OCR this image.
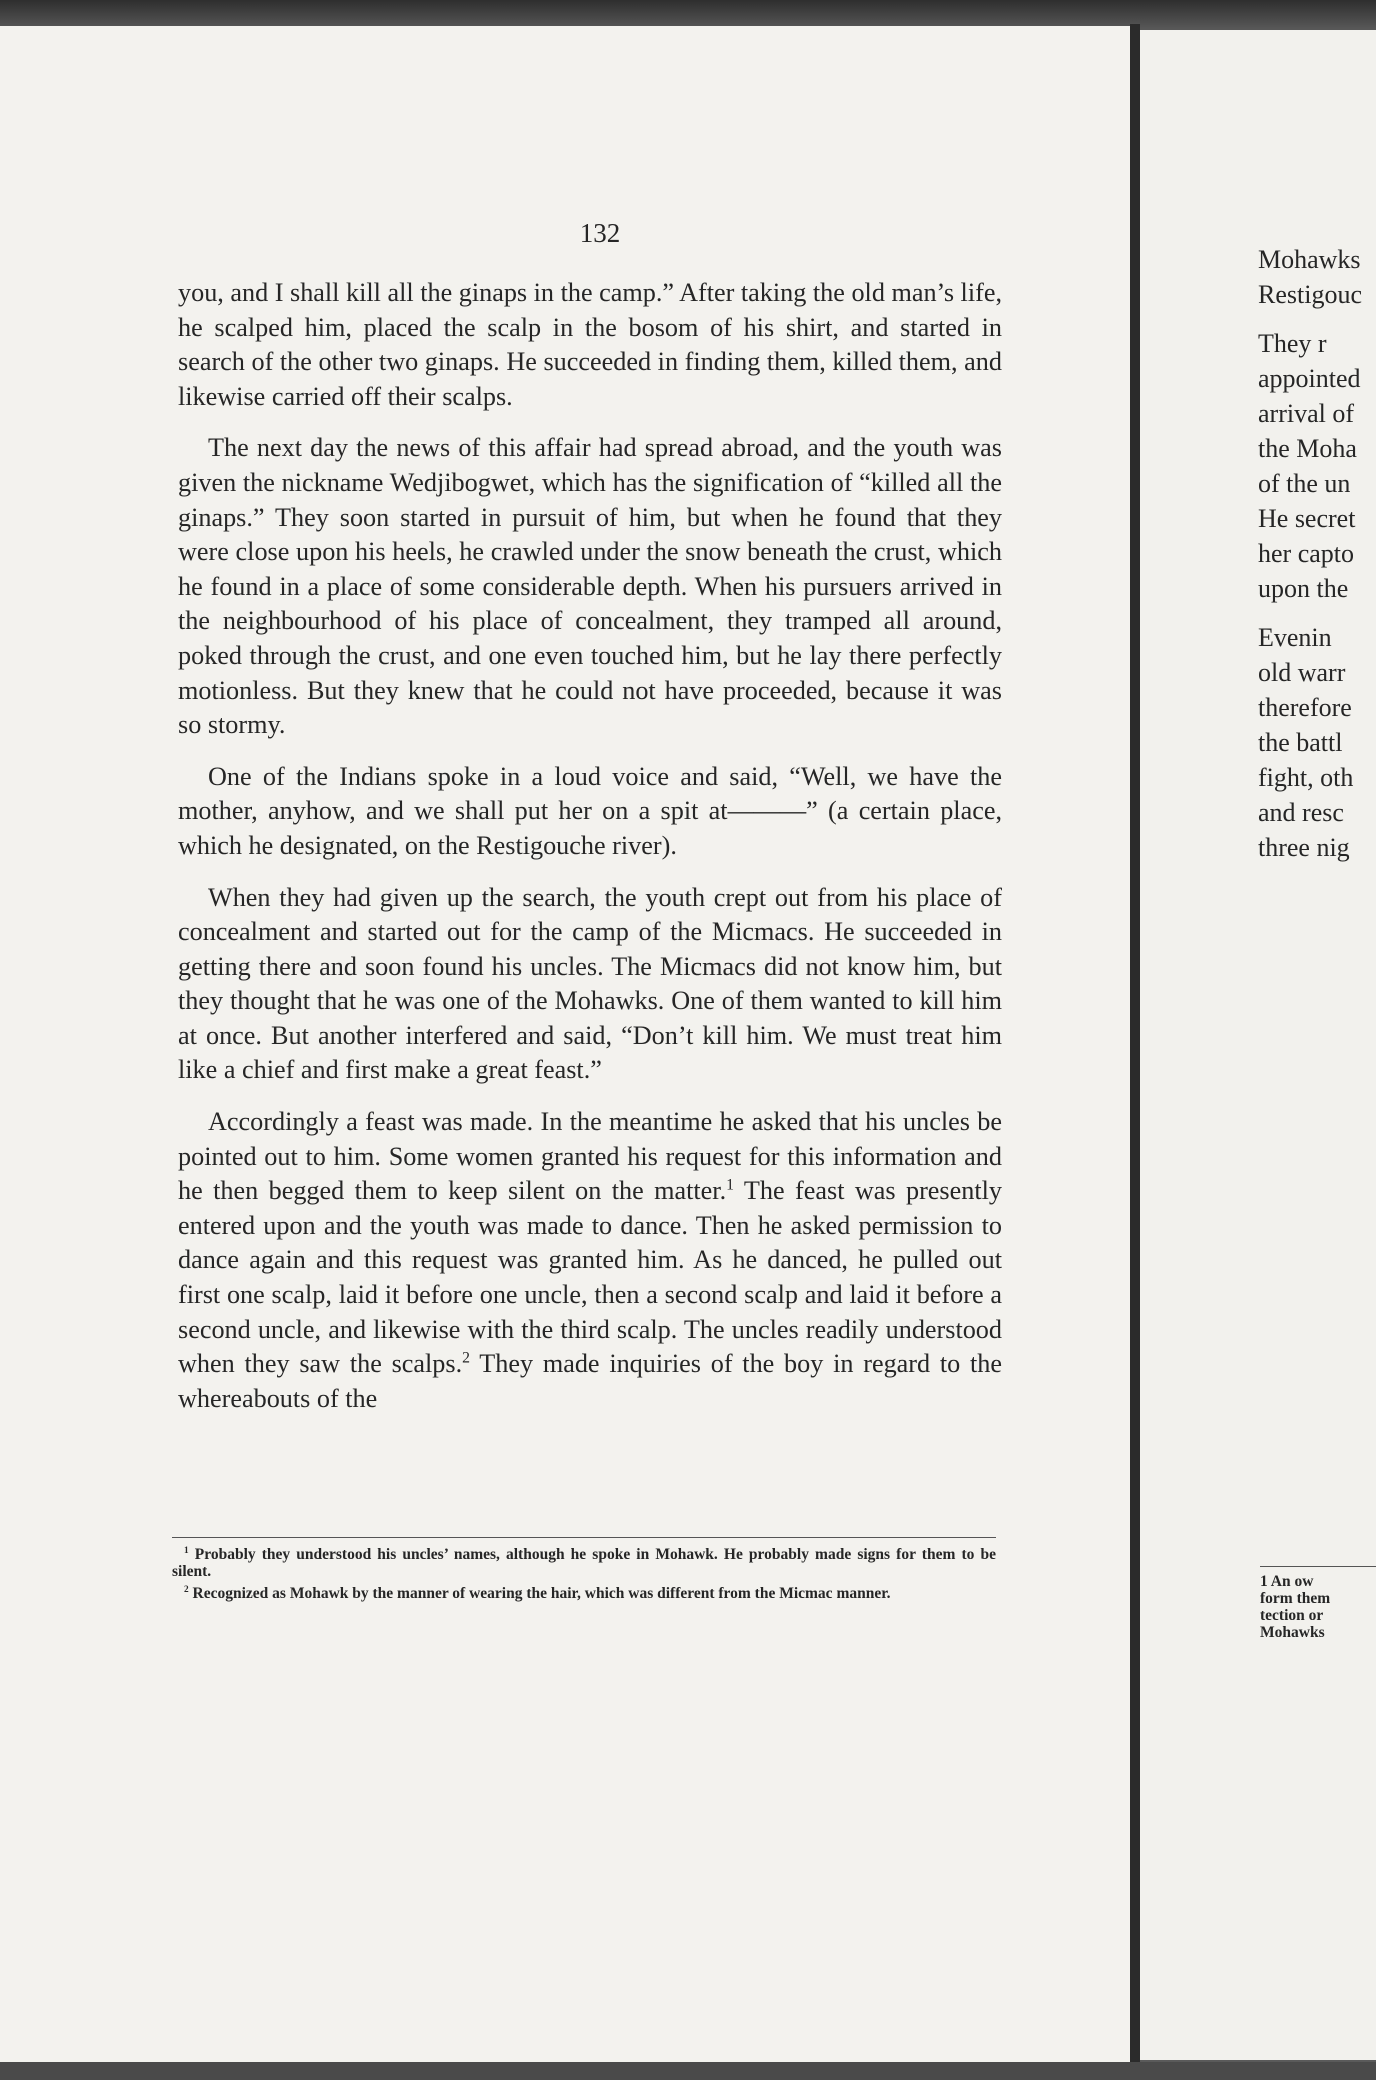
Mohawks
Restigouc
They r
appointed
arrival of
the Moha
of the un
He secret
her capto
upon the
Evenin
old warr
therefore
the battl
fight, oth
and resc
three nig
1 An ow
form them
tection or
Mohawks
132

you, and I shall kill all the ginaps in the camp.” After taking the old man’s life, he scalped him, placed the scalp in the bosom of his shirt, and started in search of the other two ginaps. He succeeded in finding them, killed them, and likewise carried off their scalps.

The next day the news of this affair had spread abroad, and the youth was given the nickname Wedjibogwet, which has the signification of “killed all the ginaps.” They soon started in pursuit of him, but when he found that they were close upon his heels, he crawled under the snow beneath the crust, which he found in a place of some considerable depth. When his pursuers arrived in the neighbourhood of his place of concealment, they tramped all around, poked through the crust, and one even touched him, but he lay there perfectly motionless. But they knew that he could not have proceeded, because it was so stormy.

One of the Indians spoke in a loud voice and said, “Well, we have the mother, anyhow, and we shall put her on a spit at———” (a certain place, which he designated, on the Restigouche river).

When they had given up the search, the youth crept out from his place of concealment and started out for the camp of the Micmacs. He succeeded in getting there and soon found his uncles. The Micmacs did not know him, but they thought that he was one of the Mohawks. One of them wanted to kill him at once. But another interfered and said, “Don’t kill him. We must treat him like a chief and first make a great feast.”

Accordingly a feast was made. In the meantime he asked that his uncles be pointed out to him. Some women granted his request for this information and he then begged them to keep silent on the matter.$^1$ The feast was presently entered upon and the youth was made to dance. Then he asked permission to dance again and this request was granted him. As he danced, he pulled out first one scalp, laid it before one uncle, then a second scalp and laid it before a second uncle, and likewise with the third scalp. The uncles readily understood when they saw the scalps.$^2$ They made inquiries of the boy in regard to the whereabouts of the

$^1$ Probably they understood his uncles’ names, although he spoke in Mohawk. He probably made signs for them to be silent.

$^2$ Recognized as Mohawk by the manner of wearing the hair, which was different from the Micmac manner.
